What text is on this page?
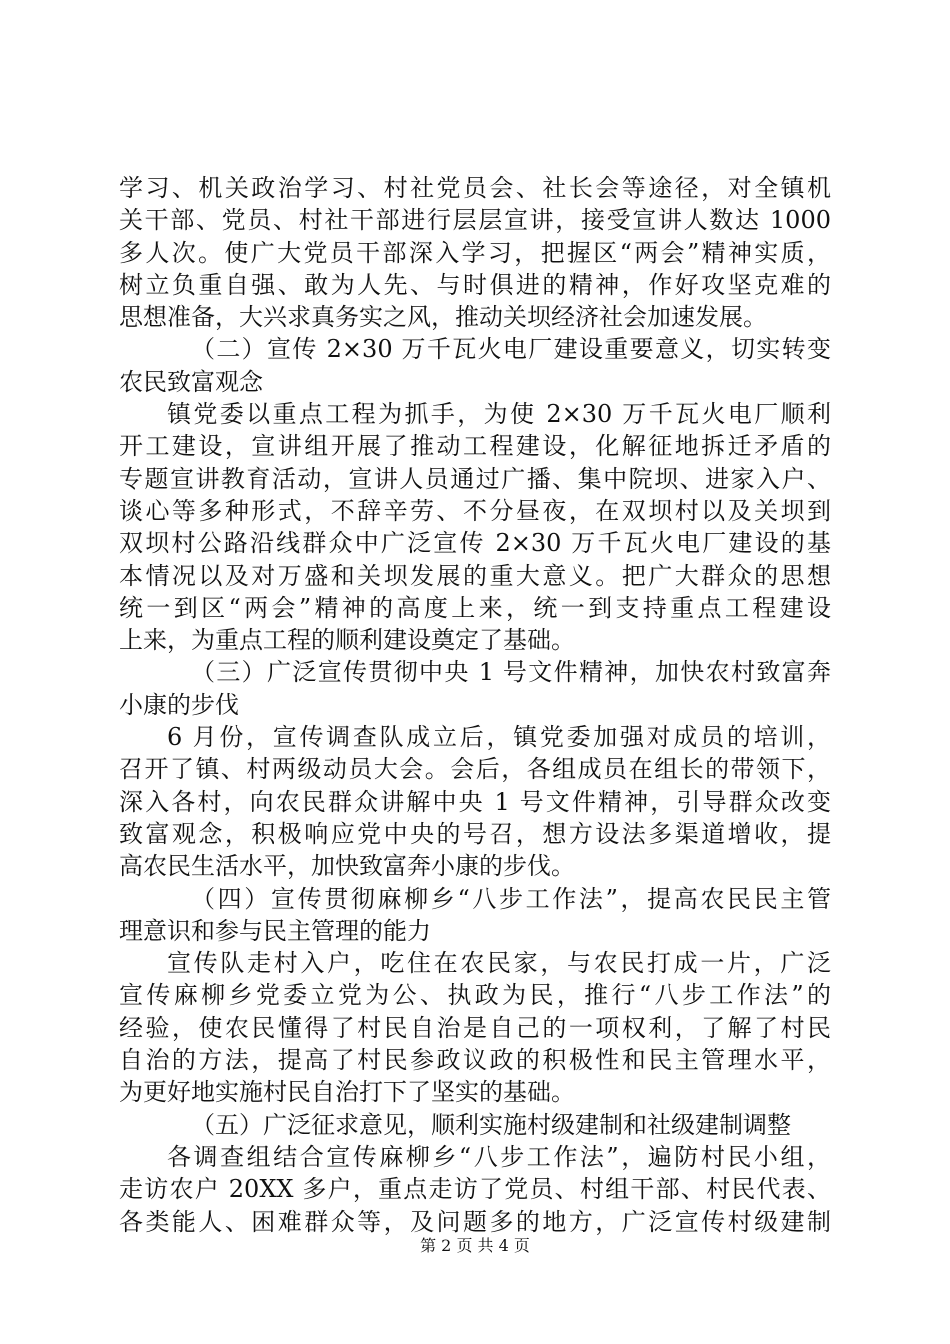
学习、机关政治学习、村社党员会、社长会等途径，对全镇机
关干部、党员、村社干部进行层层宣讲，接受宣讲人数达 1000
多人次。使广大党员干部深入学习，把握区“两会”精神实质，
树立负重自强、敢为人先、与时俱进的精神，作好攻坚克难的
思想准备，大兴求真务实之风，推动关坝经济社会加速发展。
（二）宣传 2×30 万千瓦火电厂建设重要意义，切实转变
农民致富观念
镇党委以重点工程为抓手，为使 2×30 万千瓦火电厂顺利
开工建设，宣讲组开展了推动工程建设，化解征地拆迁矛盾的
专题宣讲教育活动，宣讲人员通过广播、集中院坝、进家入户、
谈心等多种形式，不辞辛劳、不分昼夜，在双坝村以及关坝到
双坝村公路沿线群众中广泛宣传 2×30 万千瓦火电厂建设的基
本情况以及对万盛和关坝发展的重大意义。把广大群众的思想
统一到区“两会”精神的高度上来，统一到支持重点工程建设
上来，为重点工程的顺利建设奠定了基础。
（三）广泛宣传贯彻中央 1 号文件精神，加快农村致富奔
小康的步伐
6 月份，宣传调查队成立后，镇党委加强对成员的培训，
召开了镇、村两级动员大会。会后，各组成员在组长的带领下，
深入各村，向农民群众讲解中央 1 号文件精神，引导群众改变
致富观念，积极响应党中央的号召，想方设法多渠道增收，提
高农民生活水平，加快致富奔小康的步伐。
（四）宣传贯彻麻柳乡“八步工作法”，提高农民民主管
理意识和参与民主管理的能力
宣传队走村入户，吃住在农民家，与农民打成一片，广泛
宣传麻柳乡党委立党为公、执政为民，推行“八步工作法”的
经验，使农民懂得了村民自治是自己的一项权利，了解了村民
自治的方法，提高了村民参政议政的积极性和民主管理水平，
为更好地实施村民自治打下了坚实的基础。
（五）广泛征求意见，顺利实施村级建制和社级建制调整
各调查组结合宣传麻柳乡“八步工作法”，遍防村民小组，
走访农户 20XX 多户，重点走访了党员、村组干部、村民代表、
各类能人、困难群众等，及问题多的地方，广泛宣传村级建制
第 2 页 共 4 页
